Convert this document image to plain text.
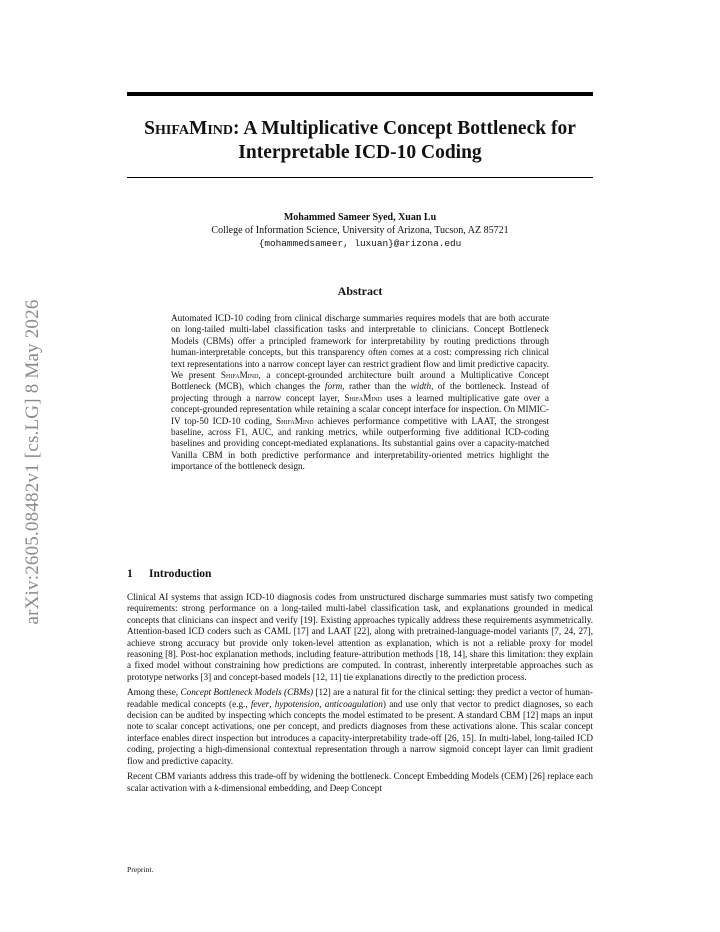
arXiv:2605.08482v1 [cs.LG] 8 May 2026
ShifaMind: A Multiplicative Concept Bottleneck for
Interpretable ICD-10 Coding
Mohammed Sameer Syed, Xuan Lu
College of Information Science, University of Arizona, Tucson, AZ 85721
{mohammedsameer, luxuan}@arizona.edu
Abstract

Automated ICD-10 coding from clinical discharge summaries requires models that are both accurate on long-tailed multi-label classification tasks and interpretable to clinicians. Concept Bottleneck Models (CBMs) offer a principled framework for interpretability by routing predictions through human-interpretable concepts, but this transparency often comes at a cost: compressing rich clinical text representations into a narrow concept layer can restrict gradient flow and limit predictive capacity. We present ShifaMind, a concept-grounded architecture built around a Multiplicative Concept Bottleneck (MCB), which changes the form, rather than the width, of the bottleneck. Instead of projecting through a narrow concept layer, ShifaMind uses a learned multiplicative gate over a concept-grounded representation while retaining a scalar concept interface for inspection. On MIMIC-IV top-50 ICD-10 coding, ShifaMind achieves performance competitive with LAAT, the strongest baseline, across F1, AUC, and ranking metrics, while outperforming five additional ICD-coding baselines and providing concept-mediated explanations. Its substantial gains over a capacity-matched Vanilla CBM in both predictive performance and interpretability-oriented metrics highlight the importance of the bottleneck design.

1 Introduction

Clinical AI systems that assign ICD-10 diagnosis codes from unstructured discharge summaries must satisfy two competing requirements: strong performance on a long-tailed multi-label classification task, and explanations grounded in medical concepts that clinicians can inspect and verify [19]. Existing approaches typically address these requirements asymmetrically. Attention-based ICD coders such as CAML [17] and LAAT [22], along with pretrained-language-model variants [7, 24, 27], achieve strong accuracy but provide only token-level attention as explanation, which is not a reliable proxy for model reasoning [8]. Post-hoc explanation methods, including feature-attribution methods [18, 14], share this limitation: they explain a fixed model without constraining how predictions are computed. In contrast, inherently interpretable approaches such as prototype networks [3] and concept-based models [12, 11] tie explanations directly to the prediction process.

Among these, Concept Bottleneck Models (CBMs) [12] are a natural fit for the clinical setting: they predict a vector of human-readable medical concepts (e.g., fever, hypotension, anticoagulation) and use only that vector to predict diagnoses, so each decision can be audited by inspecting which concepts the model estimated to be present. A standard CBM [12] maps an input note to scalar concept activations, one per concept, and predicts diagnoses from these activations alone. This scalar concept interface enables direct inspection but introduces a capacity-interpretability trade-off [26, 15]. In multi-label, long-tailed ICD coding, projecting a high-dimensional contextual representation through a narrow sigmoid concept layer can limit gradient flow and predictive capacity.

Recent CBM variants address this trade-off by widening the bottleneck. Concept Embedding Models (CEM) [26] replace each scalar activation with a k-dimensional embedding, and Deep Concept

Preprint.
